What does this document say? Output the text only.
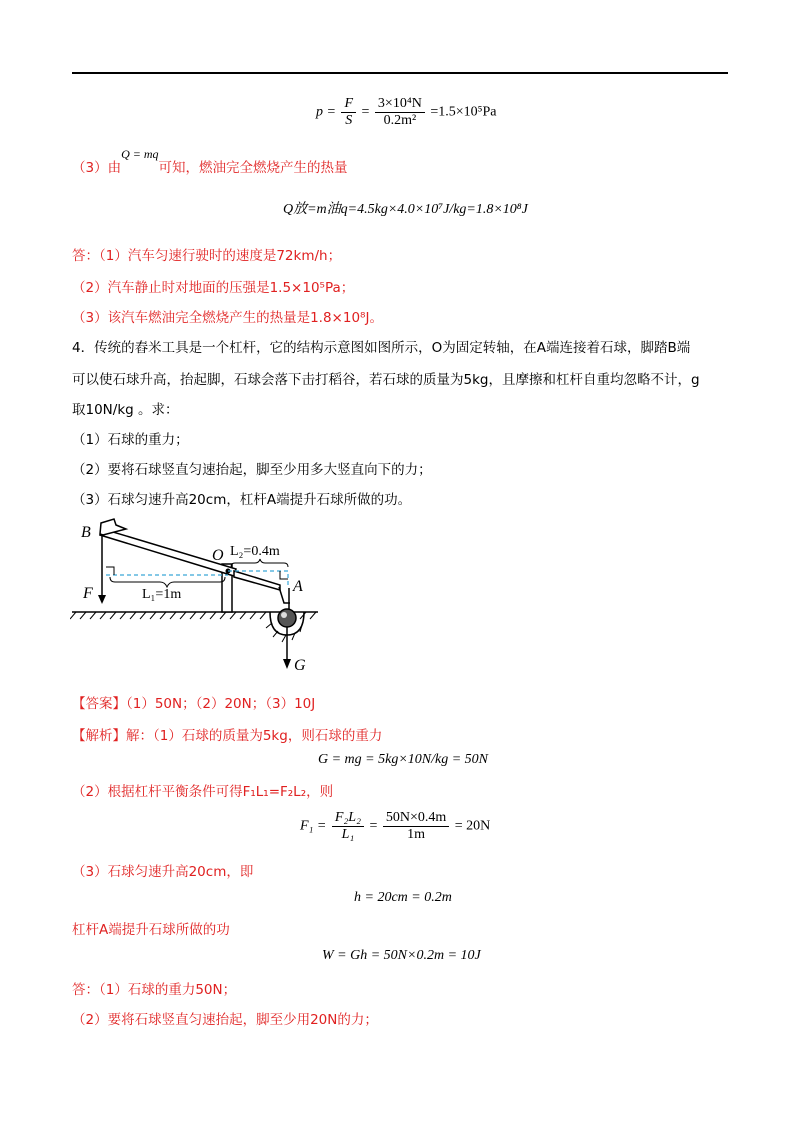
$p = \frac{F}{S} = \frac{\text{3×10⁴N}}{\text{0.2m²}} =1.5\times 10^5Pa$
（3）由Q = mq可知，燃油完全燃烧产生的热量
Q放=m油q=4.5kg×4.0×10⁷J/kg=1.8×10⁸J
答：（1）汽车匀速行驶时的速度是72km/h；
（2）汽车静止时对地面的压强是1.5×10⁵Pa；
（3）该汽车燃油完全燃烧产生的热量是1.8×10⁸J。
4．传统的舂米工具是一个杠杆，它的结构示意图如图所示，O为固定转轴，在A端连接着石球，脚踏B端
可以使石球升高，抬起脚，石球会落下击打稻谷，若石球的质量为5kg，且摩擦和杠杆自重均忽略不计，g
取10N/kg 。求：
（1）石球的重力；
（2）要将石球竖直匀速抬起，脚至少用多大竖直向下的力；
（3）石球匀速升高20cm，杠杆A端提升石球所做的功。
B
O L₂=0.4m
A
F	L₁=1m
G
【答案】（1）50N；（2）20N；（3）10J
【解析】解：（1）石球的质量为5kg，则石球的重力
G = mg = 5kg×10N/kg = 50N
（2）根据杠杆平衡条件可得F₁L₁=F₂L₂，则
$F_1 = \frac{\text{F₂L₂}}{\text{L₁}} = \frac{50N\times 0.4m}{1m} = 20N$
（3）石球匀速升高20cm，即
h = 20cm = 0.2m
杠杆A端提升石球所做的功
W = Gh = 50N×0.2m = 10J
答：（1）石球的重力50N；
（2）要将石球竖直匀速抬起，脚至少用20N的力；
